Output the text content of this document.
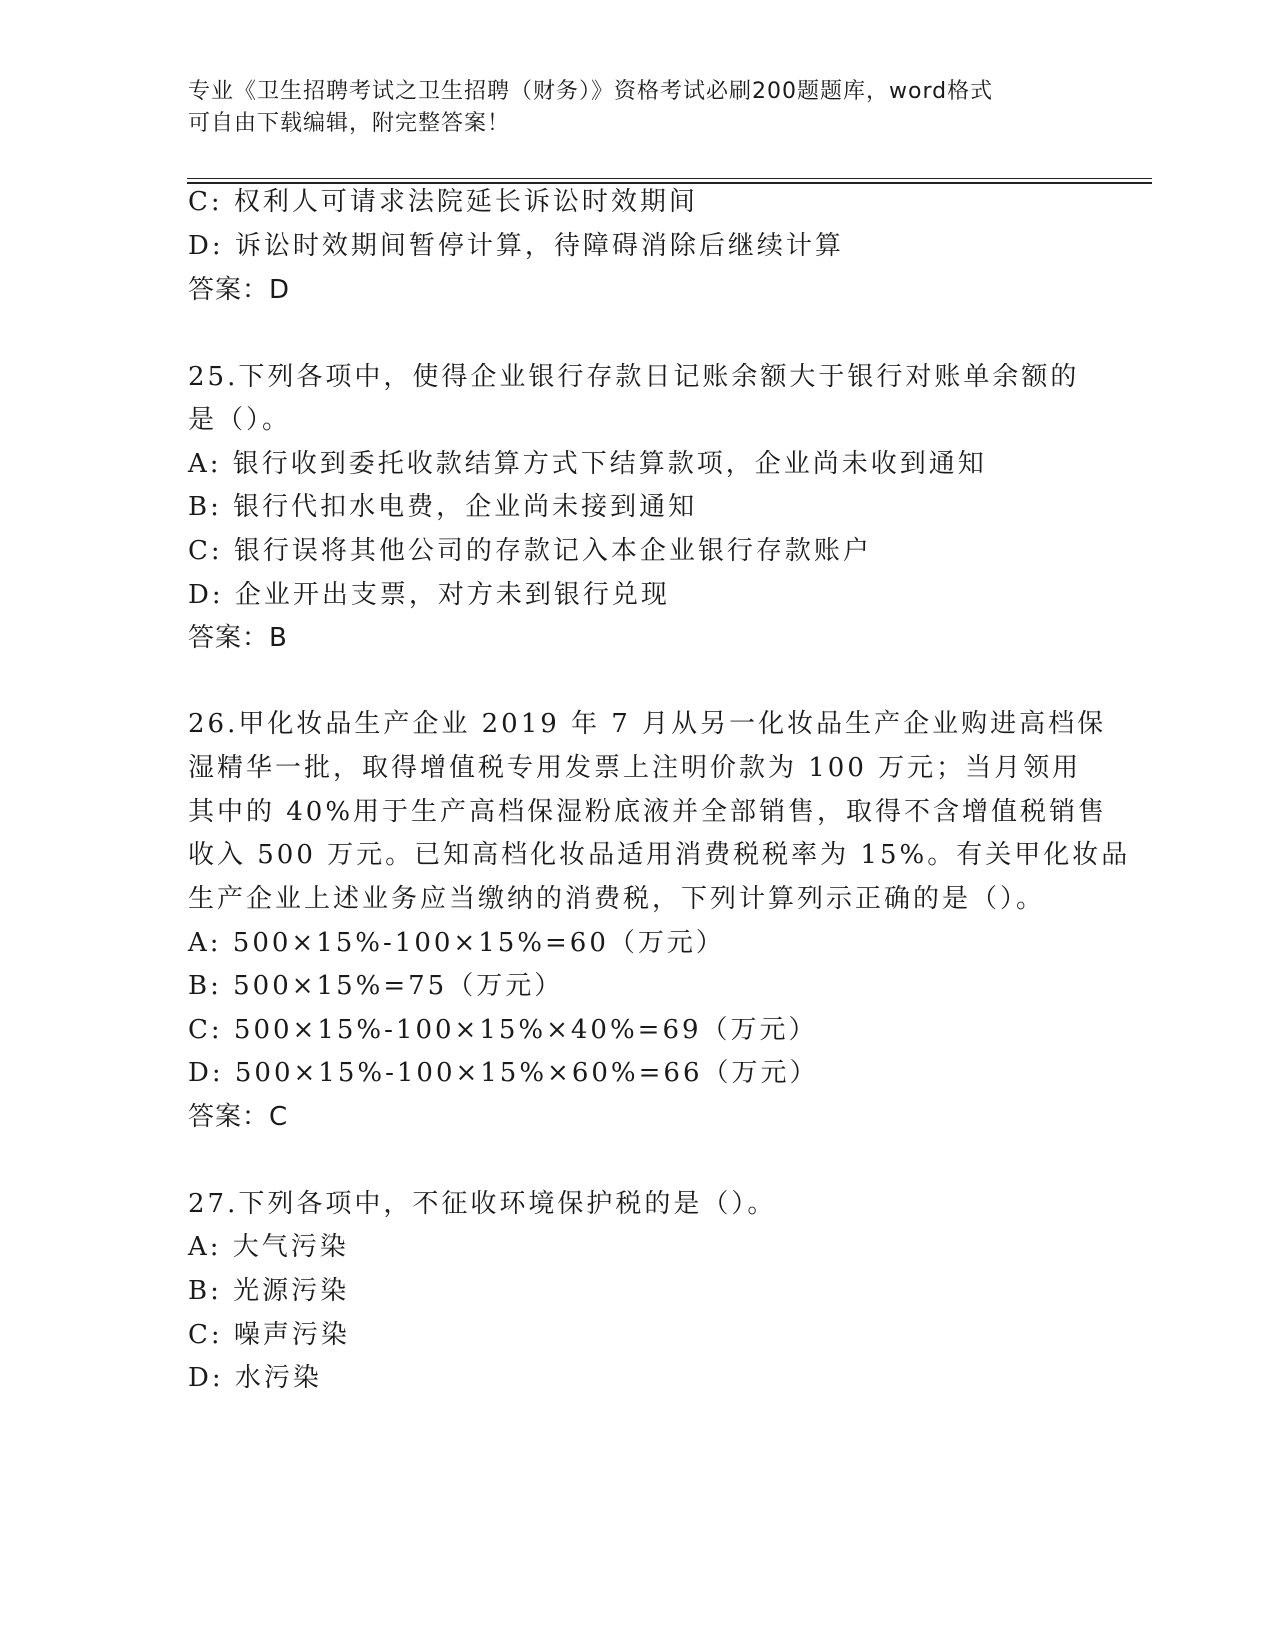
专业《卫生招聘考试之卫生招聘（财务）》资格考试必刷200题题库，word格式
可自由下载编辑，附完整答案！
C: 权利人可请求法院延长诉讼时效期间
D: 诉讼时效期间暂停计算，待障碍消除后继续计算
答案：D
25.下列各项中，使得企业银行存款日记账余额大于银行对账单余额的
是（）。
A: 银行收到委托收款结算方式下结算款项，企业尚未收到通知
B: 银行代扣水电费，企业尚未接到通知
C: 银行误将其他公司的存款记入本企业银行存款账户
D: 企业开出支票，对方未到银行兑现
答案：B
26.甲化妆品生产企业 2019 年 7 月从另一化妆品生产企业购进高档保
湿精华一批，取得增值税专用发票上注明价款为 100 万元；当月领用
其中的 40%用于生产高档保湿粉底液并全部销售，取得不含增值税销售
收入 500 万元。已知高档化妆品适用消费税税率为 15%。有关甲化妆品
生产企业上述业务应当缴纳的消费税，下列计算列示正确的是（）。
A: 500×15%-100×15%=60（万元）
B: 500×15%=75（万元）
C: 500×15%-100×15%×40%=69（万元）
D: 500×15%-100×15%×60%=66（万元）
答案：C
27.下列各项中，不征收环境保护税的是（）。
A: 大气污染
B: 光源污染
C: 噪声污染
D: 水污染
